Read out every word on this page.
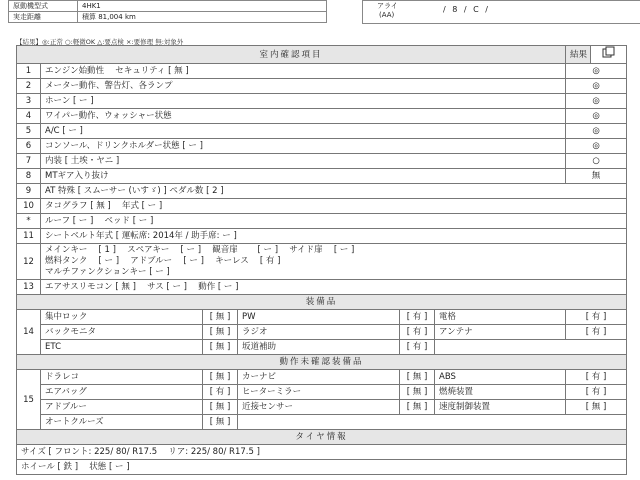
原動機型式	4HK1
実走距離	積算 81,004 km
アライ
(AA)
/ 8 / C /
【結果】◎:正常 ○:軽微OK △:要点検 ×:要修理 無:対象外
室内確認項目						結果	
1	エンジン始動性　 セキュリティ [ 無 ]					◎	
2	メーター動作、警告灯、各ランプ					◎	
3	ホーン [ ー ]					◎	
4	ワイパー動作、ウォッシャー状態					◎	
5	A/C [ ー ]					◎	
6	コンソール、ドリンクホルダー状態 [ ー ]					◎	
7	内装 [ 土埃・ヤニ ]					○	
8	MTギア入り抜け					無	
9	AT 特殊 [ スムーサー (いすゞ) ] ペダル数 [ 2 ]						
10	タコグラフ [ 無 ]　 年式 [ ー ]						
*	ルーフ [ ー ]　 ベッド [ ー ]						
11	シートベルト年式 [ 運転席: 2014年 / 助手席: ー ]						
12	メインキー　 [ 1 ]　 スペアキー　 [ ー ]　 観音扉　　 [ ー ]　 サイド扉　 [ ー ]
燃料タンク　 [ ー ]　 アドブルー　 [ ー ]　 キーレス　 [ 有 ]
マルチファンクションキー [ ー ]						

13	エアサスリモコン [ 無 ]　 サス [ ー ]　 動作 [ ー ]						
装備品							
14	集中ロック	[ 無 ]	PW	[ 有 ]	電格	[ 有 ]	
	バックモニタ	[ 無 ]	ラジオ	[ 有 ]	アンテナ	[ 有 ]	
	ETC	[ 無 ]	坂道補助	[ 有 ]			
動作未確認装備品							
15	ドラレコ	[ 無 ]	カーナビ	[ 無 ]	ABS	[ 有 ]	
	エアバッグ	[ 有 ]	ヒーターミラー	[ 無 ]	燃焼装置	[ 有 ]	
	アドブルー	[ 無 ]	近接センサー	[ 無 ]	速度制御装置	[ 無 ]	
	オートクルーズ	[ 無 ]					
タイヤ情報							
サイズ [ フロント: 225/ 80/ R17.5　 リア: 225/ 80/ R17.5 ]							
ホイール [ 鉄 ]　 状態 [ ー ]							
